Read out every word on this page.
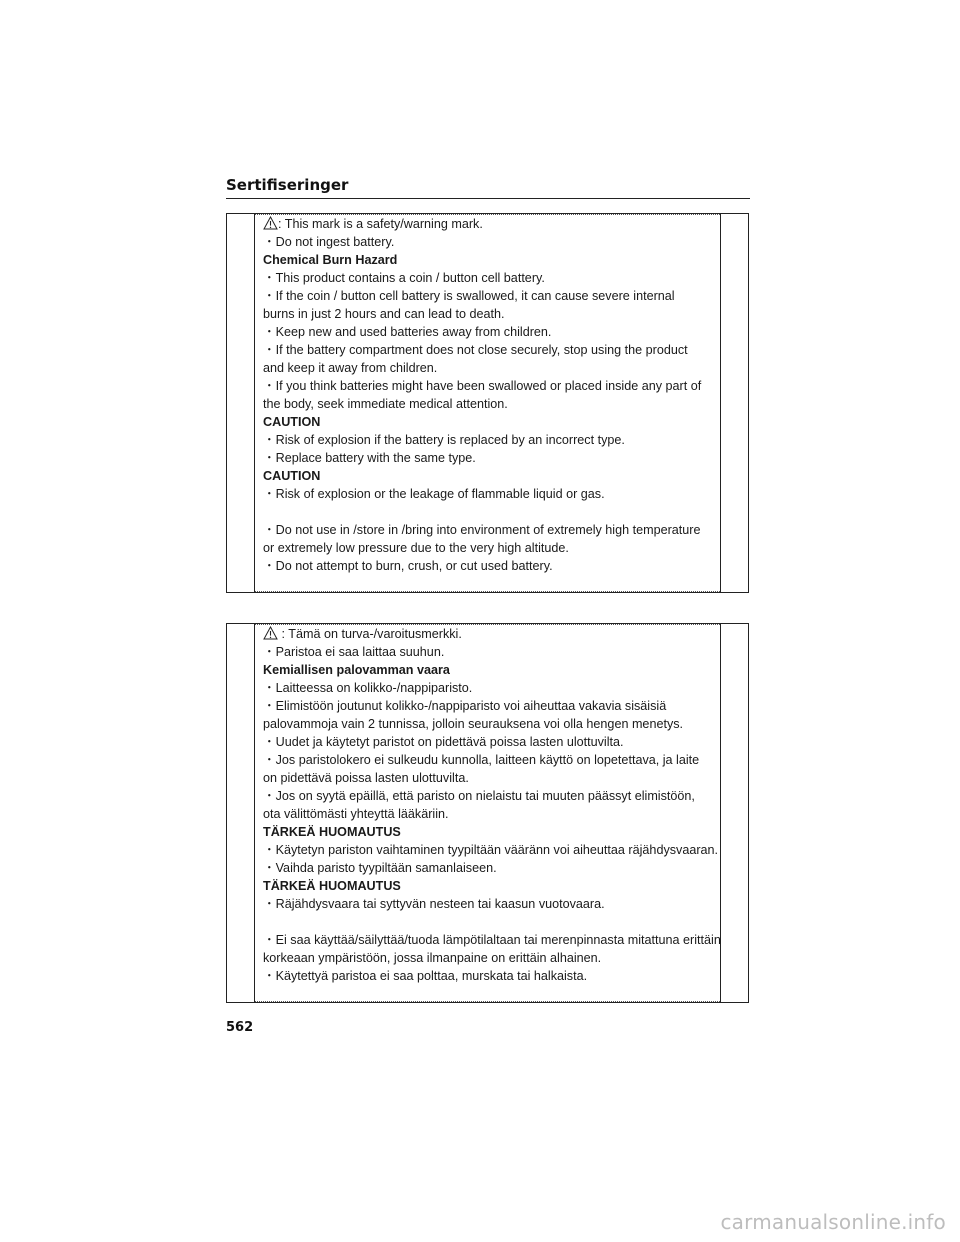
Sertifiseringer
: This mark is a safety/warning mark.
・Do not ingest battery.
Chemical Burn Hazard
・This product contains a coin / button cell battery.
・If the coin / button cell battery is swallowed, it can cause severe internal
burns in just 2 hours and can lead to death.
・Keep new and used batteries away from children.
・If the battery compartment does not close securely, stop using the product
and keep it away from children.
・If you think batteries might have been swallowed or placed inside any part of
the body, seek immediate medical attention.
CAUTION
・Risk of explosion if the battery is replaced by an incorrect type.
・Replace battery with the same type.
CAUTION
・Risk of explosion or the leakage of flammable liquid or gas.
・Do not use in /store in /bring into environment of extremely high temperature
or extremely low pressure due to the very high altitude.
・Do not attempt to burn, crush, or cut used battery.
: Tämä on turva-/varoitusmerkki.
・Paristoa ei saa laittaa suuhun.
Kemiallisen palovamman vaara
・Laitteessa on kolikko-/nappiparisto.
・Elimistöön joutunut kolikko-/nappiparisto voi aiheuttaa vakavia sisäisiä
palovammoja vain 2 tunnissa, jolloin seurauksena voi olla hengen menetys.
・Uudet ja käytetyt paristot on pidettävä poissa lasten ulottuvilta.
・Jos paristolokero ei sulkeudu kunnolla, laitteen käyttö on lopetettava, ja laite
on pidettävä poissa lasten ulottuvilta.
・Jos on syytä epäillä, että paristo on nielaistu tai muuten päässyt elimistöön,
ota välittömästi yhteyttä lääkäriin.
TÄRKEÄ HUOMAUTUS
・Käytetyn pariston vaihtaminen tyypiltään vääränn voi aiheuttaa räjähdysvaaran.
・Vaihda paristo tyypiltään samanlaiseen.
TÄRKEÄ HUOMAUTUS
・Räjähdysvaara tai syttyvän nesteen tai kaasun vuotovaara.
・Ei saa käyttää/säilyttää/tuoda lämpötilaltaan tai merenpinnasta mitattuna erittäin
korkeaan ympäristöön, jossa ilmanpaine on erittäin alhainen.
・Käytettyä paristoa ei saa polttaa, murskata tai halkaista.
562
carmanualsonline.info
